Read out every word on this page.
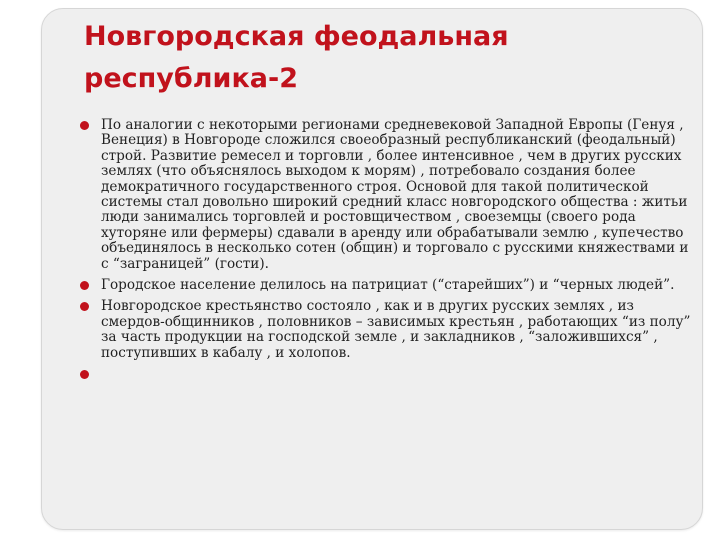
Новгородская феодальная
республика-2
По аналогии с некоторыми регионами средневековой Западной Европы (Генуя , Венеция) в Новгороде сложился своеобразный республиканский (феодальный) строй. Развитие ремесел и торговли , более интенсивное , чем в других русских землях (что объяснялось выходом к морям) , потребовало создания более демократичного государственного строя. Основой для такой политической системы стал довольно широкий средний класс новгородского общества : житьи люди занимались торговлей и ростовщичеством , своеземцы (своего рода хуторяне или фермеры) сдавали в аренду или обрабатывали землю , купечество объединялось в несколько сотен (общин) и торговало с русскими княжествами и с “заграницей” (гости).
Городское население делилось на патрициат (“старейших”) и “черных людей”.
Новгородское крестьянство состояло , как и в других русских землях , из смердов-общинников , половников – зависимых крестьян , работающих “из полу” за часть продукции на господской земле , и закладников , “заложившихся” , поступивших в кабалу , и холопов.
